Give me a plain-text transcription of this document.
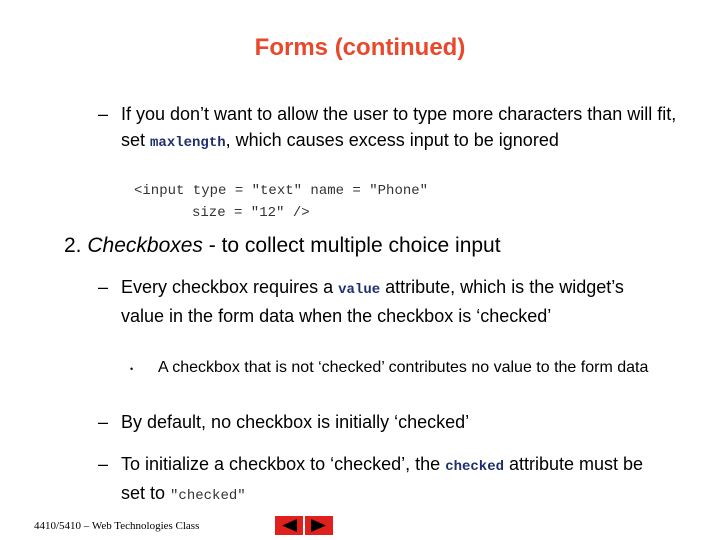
Forms (continued)
– If you don’t want to allow the user to type more characters than will fit, set maxlength, which causes excess input to be ignored
<input type = "text" name = "Phone"
size = "12" />
2. Checkboxes - to collect multiple choice input
– Every checkbox requires a value attribute, which is the widget’s value in the form data when the checkbox is ‘checked’
• A checkbox that is not ‘checked’ contributes no value to the form data
– By default, no checkbox is initially ‘checked’
– To initialize a checkbox to ‘checked’, the checked attribute must be set to "checked"
4410/5410 – Web Technologies Class
